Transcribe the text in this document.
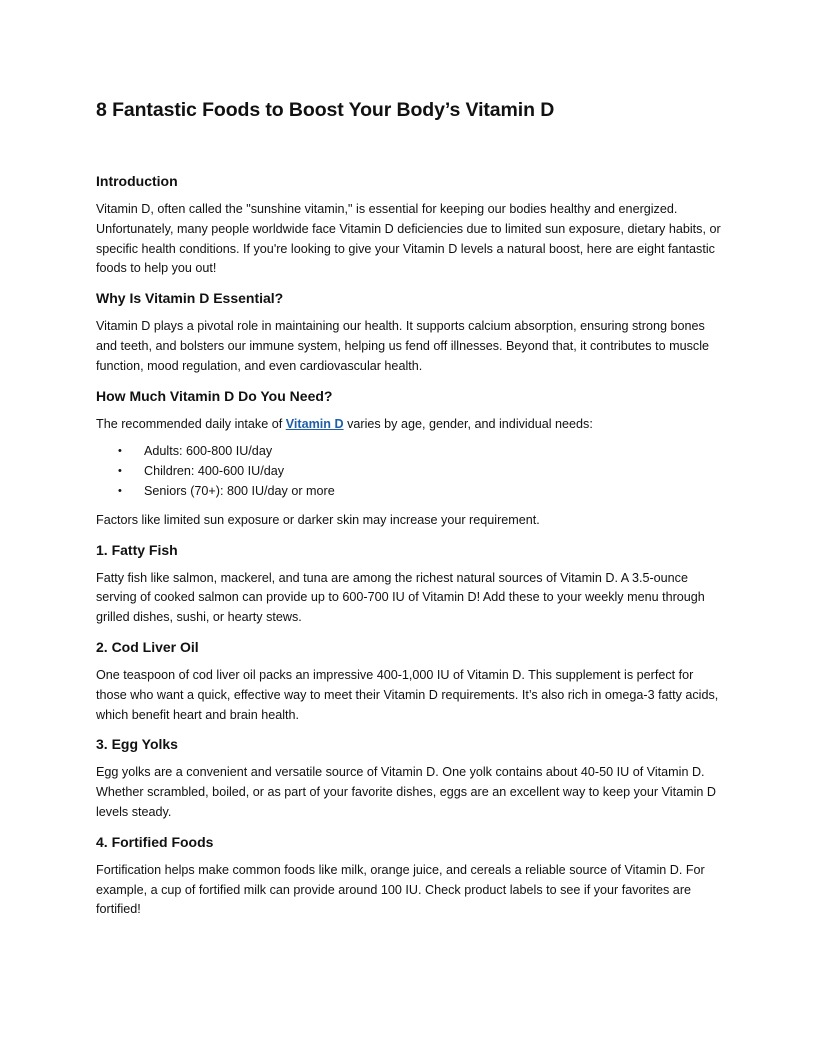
8 Fantastic Foods to Boost Your Body’s Vitamin D
Introduction

Vitamin D, often called the "sunshine vitamin," is essential for keeping our bodies healthy and energized. Unfortunately, many people worldwide face Vitamin D deficiencies due to limited sun exposure, dietary habits, or specific health conditions. If you're looking to give your Vitamin D levels a natural boost, here are eight fantastic foods to help you out!

Why Is Vitamin D Essential?

Vitamin D plays a pivotal role in maintaining our health. It supports calcium absorption, ensuring strong bones and teeth, and bolsters our immune system, helping us fend off illnesses. Beyond that, it contributes to muscle function, mood regulation, and even cardiovascular health.

How Much Vitamin D Do You Need?

The recommended daily intake of Vitamin D varies by age, gender, and individual needs:

• Adults: 600-800 IU/day
• Children: 400-600 IU/day
• Seniors (70+): 800 IU/day or more

Factors like limited sun exposure or darker skin may increase your requirement.

1. Fatty Fish

Fatty fish like salmon, mackerel, and tuna are among the richest natural sources of Vitamin D. A 3.5-ounce serving of cooked salmon can provide up to 600-700 IU of Vitamin D! Add these to your weekly menu through grilled dishes, sushi, or hearty stews.

2. Cod Liver Oil

One teaspoon of cod liver oil packs an impressive 400-1,000 IU of Vitamin D. This supplement is perfect for those who want a quick, effective way to meet their Vitamin D requirements. It’s also rich in omega-3 fatty acids, which benefit heart and brain health.

3. Egg Yolks

Egg yolks are a convenient and versatile source of Vitamin D. One yolk contains about 40-50 IU of Vitamin D. Whether scrambled, boiled, or as part of your favorite dishes, eggs are an excellent way to keep your Vitamin D levels steady.

4. Fortified Foods

Fortification helps make common foods like milk, orange juice, and cereals a reliable source of Vitamin D. For example, a cup of fortified milk can provide around 100 IU. Check product labels to see if your favorites are fortified!
